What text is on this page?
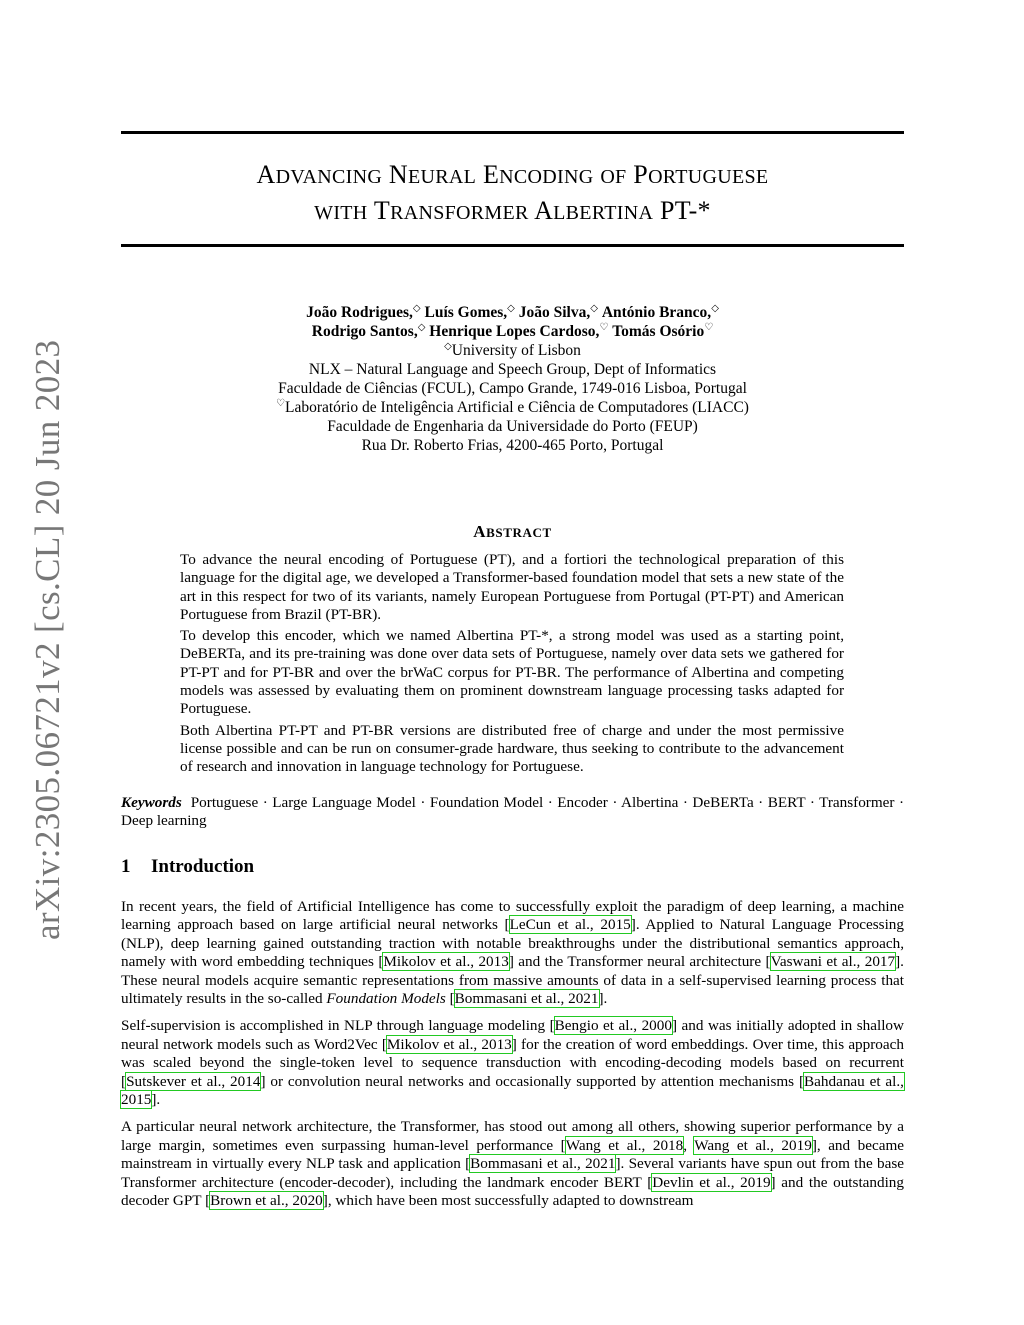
arXiv:2305.06721v2 [cs.CL] 20 Jun 2023
ADVANCING NEURAL ENCODING OF PORTUGUESE
WITH TRANSFORMER ALBERTINA PT-*
João Rodrigues,◇ Luís Gomes,◇ João Silva,◇ António Branco,◇
Rodrigo Santos,◇ Henrique Lopes Cardoso,♡ Tomás Osório♡
◇University of Lisbon
NLX – Natural Language and Speech Group, Dept of Informatics
Faculdade de Ciências (FCUL), Campo Grande, 1749-016 Lisboa, Portugal
♡Laboratório de Inteligência Artificial e Ciência de Computadores (LIACC)
Faculdade de Engenharia da Universidade do Porto (FEUP)
Rua Dr. Roberto Frias, 4200-465 Porto, Portugal
ABSTRACT

To advance the neural encoding of Portuguese (PT), and a fortiori the technological preparation of this language for the digital age, we developed a Transformer-based foundation model that sets a new state of the art in this respect for two of its variants, namely European Portuguese from Portugal (PT-PT) and American Portuguese from Brazil (PT-BR).

To develop this encoder, which we named Albertina PT-*, a strong model was used as a starting point, DeBERTa, and its pre-training was done over data sets of Portuguese, namely over data sets we gathered for PT-PT and for PT-BR and over the brWaC corpus for PT-BR. The performance of Albertina and competing models was assessed by evaluating them on prominent downstream language processing tasks adapted for Portuguese.

Both Albertina PT-PT and PT-BR versions are distributed free of charge and under the most permissive license possible and can be run on consumer-grade hardware, thus seeking to contribute to the advancement of research and innovation in language technology for Portuguese.

Keywords Portuguese · Large Language Model · Foundation Model · Encoder · Albertina · DeBERTa · BERT · Transformer · Deep learning
1 Introduction

In recent years, the field of Artificial Intelligence has come to successfully exploit the paradigm of deep learning, a machine learning approach based on large artificial neural networks [LeCun et al., 2015]. Applied to Natural Language Processing (NLP), deep learning gained outstanding traction with notable breakthroughs under the distributional semantics approach, namely with word embedding techniques [Mikolov et al., 2013] and the Transformer neural architecture [Vaswani et al., 2017]. These neural models acquire semantic representations from massive amounts of data in a self-supervised learning process that ultimately results in the so-called Foundation Models [Bommasani et al., 2021].

Self-supervision is accomplished in NLP through language modeling [Bengio et al., 2000] and was initially adopted in shallow neural network models such as Word2Vec [Mikolov et al., 2013] for the creation of word embeddings. Over time, this approach was scaled beyond the single-token level to sequence transduction with encoding-decoding models based on recurrent [Sutskever et al., 2014] or convolution neural networks and occasionally supported by attention mechanisms [Bahdanau et al., 2015].

A particular neural network architecture, the Transformer, has stood out among all others, showing superior performance by a large margin, sometimes even surpassing human-level performance [Wang et al., 2018, Wang et al., 2019], and became mainstream in virtually every NLP task and application [Bommasani et al., 2021]. Several variants have spun out from the base Transformer architecture (encoder-decoder), including the landmark encoder BERT [Devlin et al., 2019] and the outstanding decoder GPT [Brown et al., 2020], which have been most successfully adapted to downstream
